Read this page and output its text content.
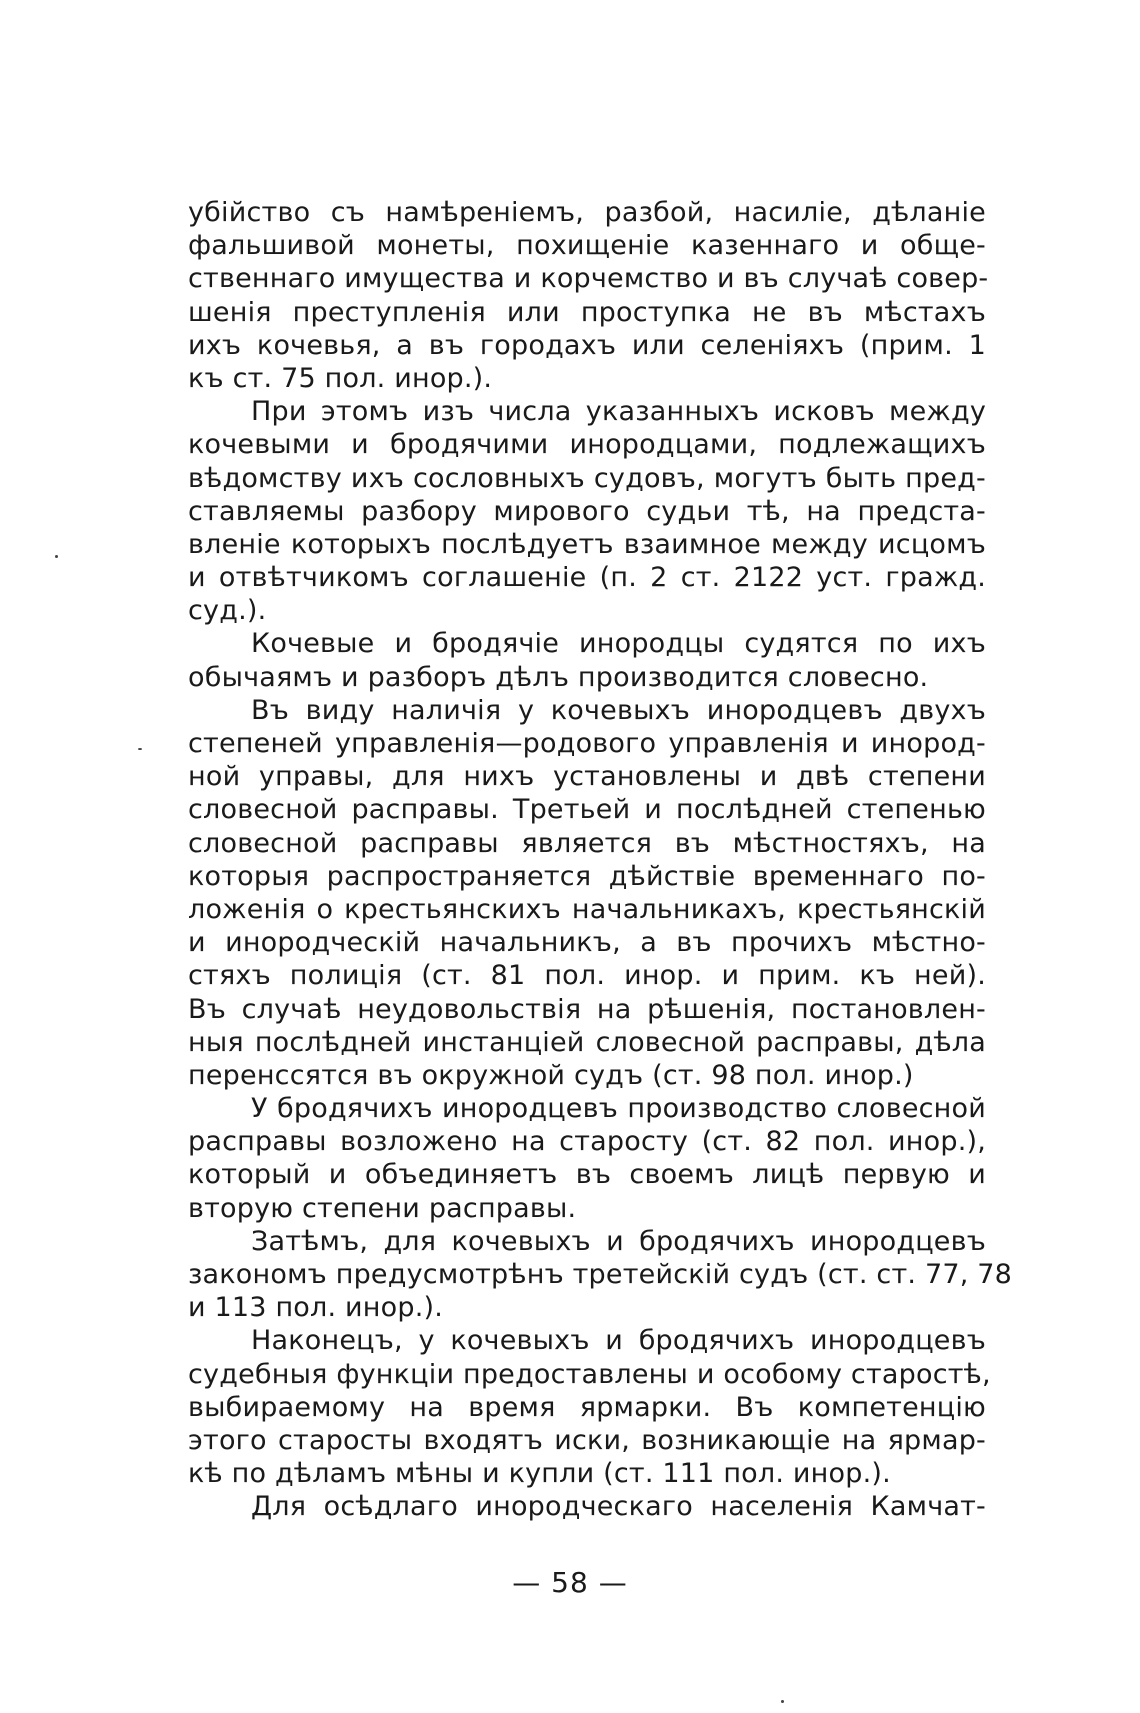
убійство съ намѣреніемъ, разбой, насиліе, дѣланіе
фальшивой монеты, похищеніе казеннаго и обще-
ственнаго имущества и корчемство и въ случаѣ совер-
шенія преступленія или проступка не въ мѣстахъ
ихъ кочевья, а въ городахъ или селеніяхъ (прим. 1
къ ст. 75 пол. инор.).
При этомъ изъ числа указанныхъ исковъ между
кочевыми и бродячими инородцами, подлежащихъ
вѣдомству ихъ сословныхъ судовъ, могутъ быть пред-
ставляемы разбору мирового судьи тѣ, на предста-
вленіе которыхъ послѣдуетъ взаимное между исцомъ
и отвѣтчикомъ соглашеніе (п. 2 ст. 2122 уст. гражд.
суд.).
Кочевые и бродячіе инородцы судятся по ихъ
обычаямъ и разборъ дѣлъ производится словесно.
Въ виду наличія у кочевыхъ инородцевъ двухъ
степеней управленія—родового управленія и инород-
ной управы, для нихъ установлены и двѣ степени
словесной расправы. Третьей и послѣдней степенью
словесной расправы является въ мѣстностяхъ, на
которыя распространяется дѣйствіе временнаго по-
ложенія о крестьянскихъ начальникахъ, крестьянскій
и инородческій начальникъ, а въ прочихъ мѣстно-
стяхъ полиція (ст. 81 пол. инор. и прим. къ ней).
Въ случаѣ неудовольствія на рѣшенія, постановлен-
ныя послѣдней инстанціей словесной расправы, дѣла
перенссятся въ окружной судъ (ст. 98 пол. инор.)
У бродячихъ инородцевъ производство словесной
расправы возложено на старосту (ст. 82 пол. инор.),
который и объединяетъ въ своемъ лицѣ первую и
вторую степени расправы.
Затѣмъ, для кочевыхъ и бродячихъ инородцевъ
закономъ предусмотрѣнъ третейскій судъ (ст. ст. 77, 78
и 113 пол. инор.).
Наконецъ, у кочевыхъ и бродячихъ инородцевъ
судебныя функціи предоставлены и особому старостѣ,
выбираемому на время ярмарки. Въ компетенцію
этого старосты входятъ иски, возникающіе на ярмар-
кѣ по дѣламъ мѣны и купли (ст. 111 пол. инор.).
Для осѣдлаго инородческаго населенія Камчат-
— 58 —
